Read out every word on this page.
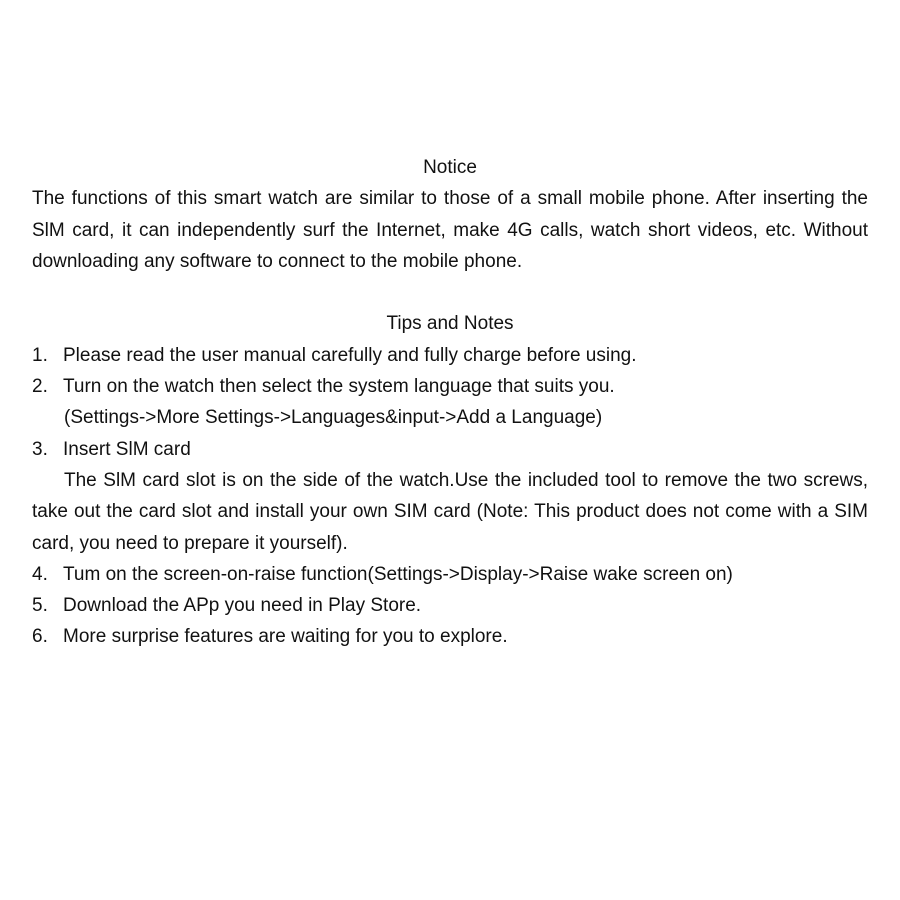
Notice

The functions of this smart watch are similar to those of a small mobile phone. After inserting the SlM card, it can independently surf the Internet, make 4G calls, watch short videos, etc. Without downloading any software to connect to the mobile phone.

Tips and Notes
1. Please read the user manual carefully and fully charge before using.
2. Turn on the watch then select the system language that suits you.

(Settings->More Settings->Languages&input->Add a Language)

3. Insert SlM card

The SlM card slot is on the side of the watch.Use the included tool to remove the two screws, take out the card slot and install your own SIM card (Note: This product does not come with a SIM card, you need to prepare it yourself).

4. Tum on the screen-on-raise function(Settings->Display->Raise wake screen on)
5. Download the APp you need in Play Store.
6. More surprise features are waiting for you to explore.
